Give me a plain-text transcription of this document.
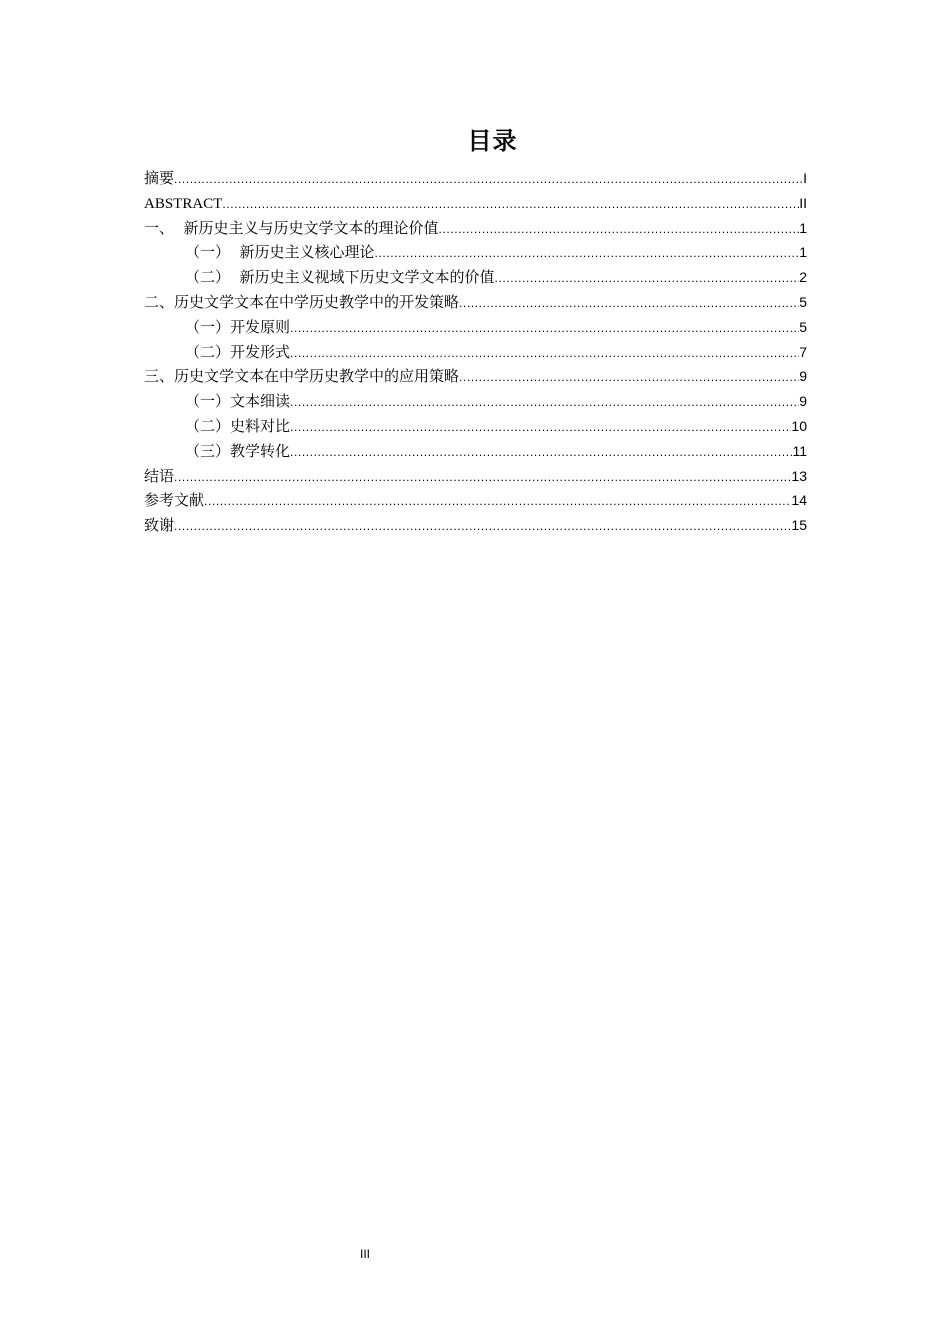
目录
摘要 .....	I
ABSTRACT .....	II
一、  新历史主义与历史文学文本的理论价值 .....	1
（一）  新历史主义核心理论 .....	1
（二）  新历史主义视域下历史文学文本的价值 .....	2
二、历史文学文本在中学历史教学中的开发策略 .....	5
（一）开发原则 .....	5
（二）开发形式 .....	7
三、历史文学文本在中学历史教学中的应用策略 .....	9
（一）文本细读 .....	9
（二）史料对比 .....	10
（三）教学转化 .....	11
结语 .....	13
参考文献 .....	14
致谢 .....	15
III
